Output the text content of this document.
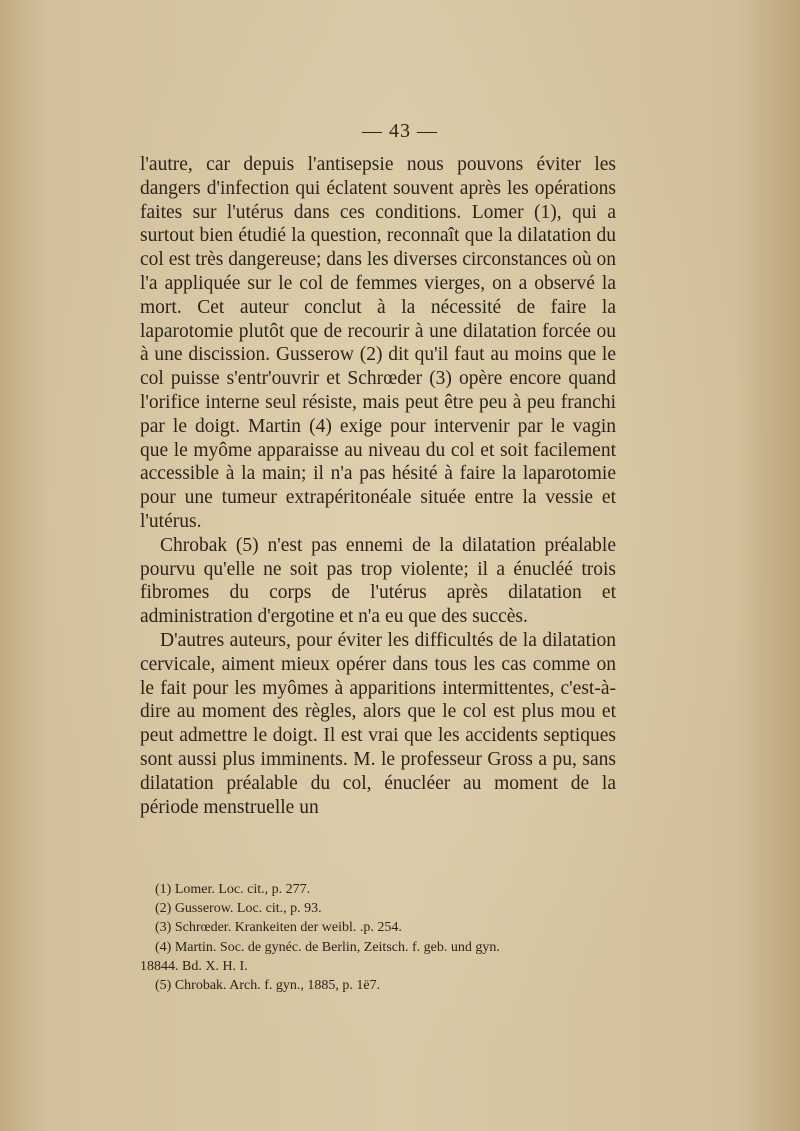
— 43 —

l'autre, car depuis l'antisepsie nous pouvons éviter les dangers d'infection qui éclatent souvent après les opérations faites sur l'utérus dans ces conditions. Lomer (1), qui a surtout bien étudié la question, reconnaît que la dilatation du col est très dangereuse; dans les diverses circonstances où on l'a appliquée sur le col de femmes vierges, on a observé la mort. Cet auteur conclut à la nécessité de faire la laparotomie plutôt que de recourir à une dilatation forcée ou à une discission. Gusserow (2) dit qu'il faut au moins que le col puisse s'entr'ouvrir et Schrœder (3) opère encore quand l'orifice interne seul résiste, mais peut être peu à peu franchi par le doigt. Martin (4) exige pour intervenir par le vagin que le myôme apparaisse au niveau du col et soit facilement accessible à la main; il n'a pas hésité à faire la laparotomie pour une tumeur extrapéritonéale située entre la vessie et l'utérus.

Chrobak (5) n'est pas ennemi de la dilatation préalable pourvu qu'elle ne soit pas trop violente; il a énucléé trois fibromes du corps de l'utérus après dilatation et administration d'ergotine et n'a eu que des succès.

D'autres auteurs, pour éviter les difficultés de la dilatation cervicale, aiment mieux opérer dans tous les cas comme on le fait pour les myômes à apparitions intermittentes, c'est-à-dire au moment des règles, alors que le col est plus mou et peut admettre le doigt. Il est vrai que les accidents septiques sont aussi plus imminents. M. le professeur Gross a pu, sans dilatation préalable du col, énucléer au moment de la période menstruelle un

(1) Lomer. Loc. cit., p. 277.
(2) Gusserow. Loc. cit., p. 93.
(3) Schrœder. Krankeiten der weibl. .p. 254.
(4) Martin. Soc. de gynéc. de Berlin, Zeitsch. f. geb. und gyn.
18844. Bd. X. H. I.
(5) Chrobak. Arch. f. gyn., 1885, p. 1ë7.
